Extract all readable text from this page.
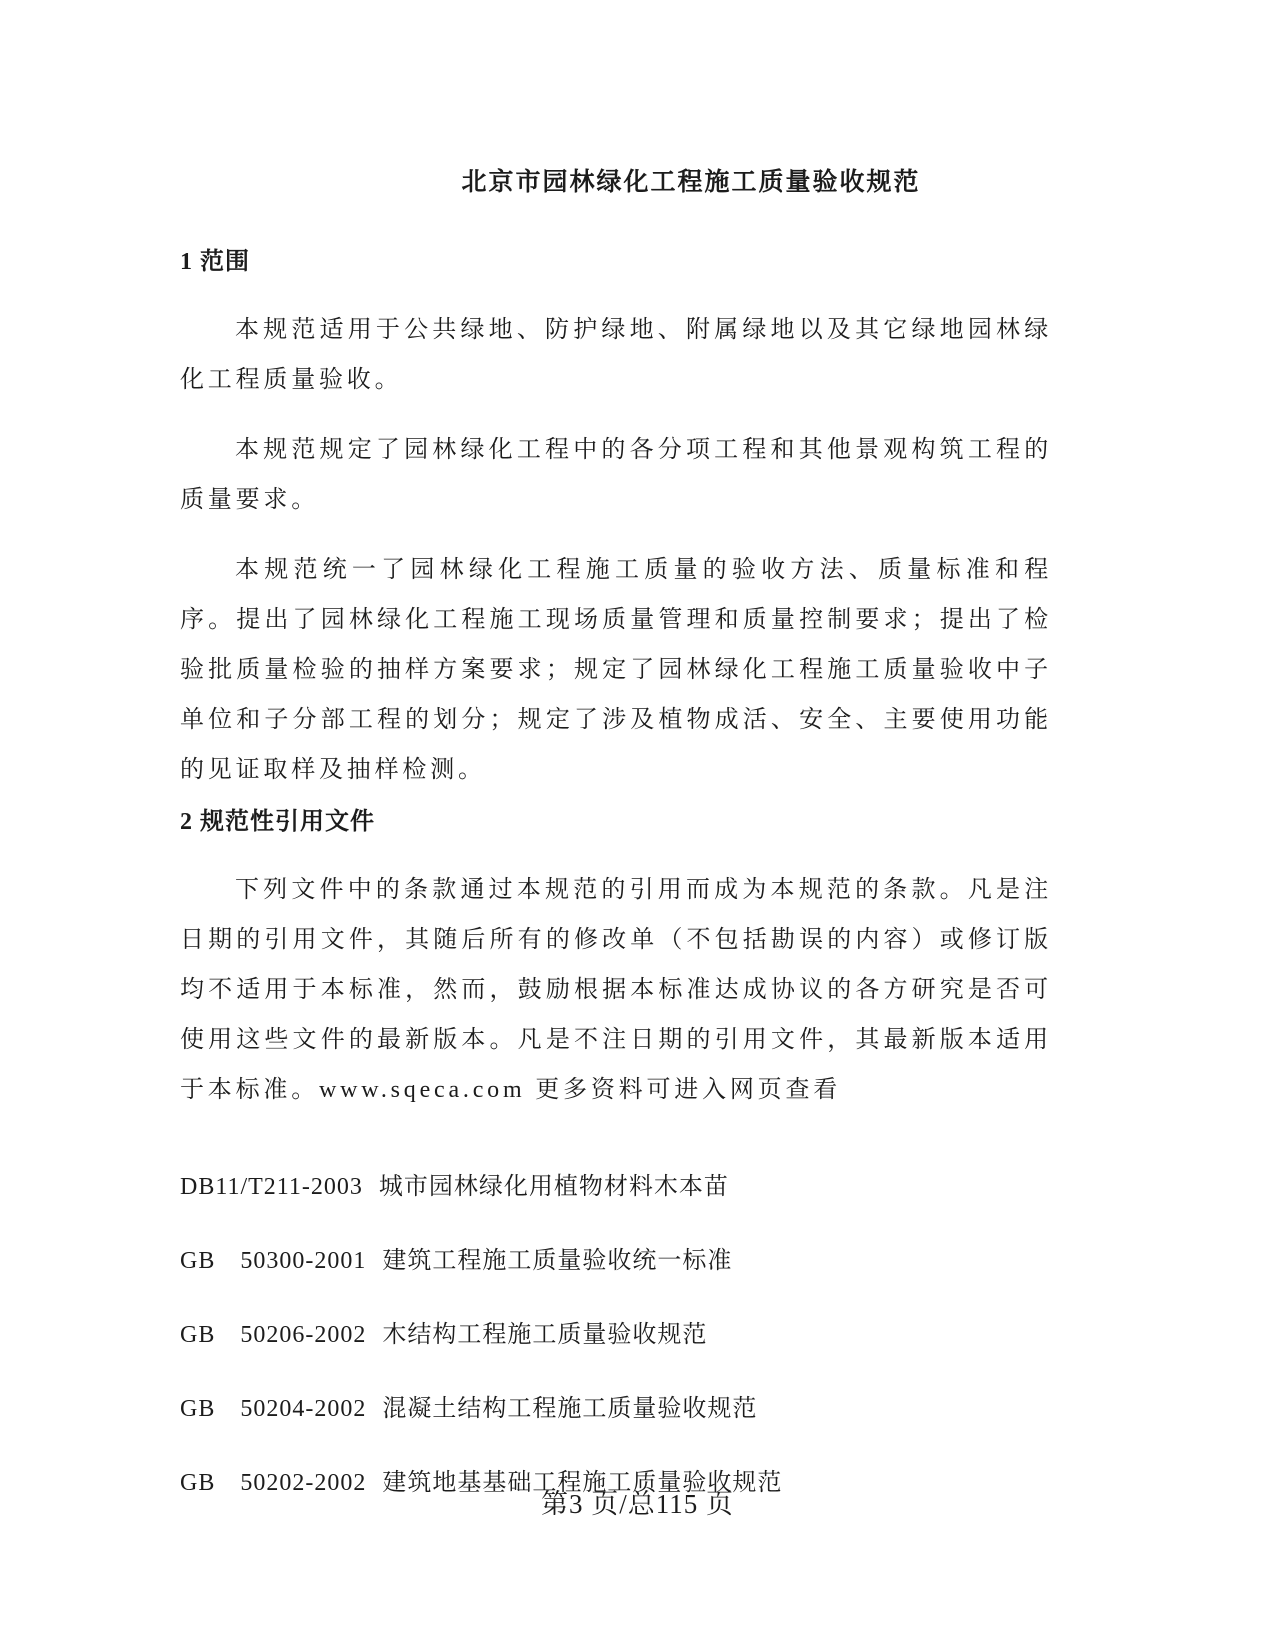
北京市园林绿化工程施工质量验收规范
1 范围

本规范适用于公共绿地、防护绿地、附属绿地以及其它绿地园林绿化工程质量验收。

本规范规定了园林绿化工程中的各分项工程和其他景观构筑工程的质量要求。

本规范统一了园林绿化工程施工质量的验收方法、质量标准和程序。提出了园林绿化工程施工现场质量管理和质量控制要求；提出了检验批质量检验的抽样方案要求；规定了园林绿化工程施工质量验收中子单位和子分部工程的划分；规定了涉及植物成活、安全、主要使用功能的见证取样及抽样检测。

2 规范性引用文件

下列文件中的条款通过本规范的引用而成为本规范的条款。凡是注日期的引用文件，其随后所有的修改单（不包括勘误的内容）或修订版均不适用于本标准，然而，鼓励根据本标准达成协议的各方研究是否可使用这些文件的最新版本。凡是不注日期的引用文件，其最新版本适用于本标准。www.sqeca.com 更多资料可进入网页查看

DB11/T211-2003 城市园林绿化用植物材料木本苗
GB　50300-2001 建筑工程施工质量验收统一标准
GB　50206-2002 木结构工程施工质量验收规范
GB　50204-2002 混凝土结构工程施工质量验收规范
GB　50202-2002 建筑地基基础工程施工质量验收规范
第3 页/总115 页
